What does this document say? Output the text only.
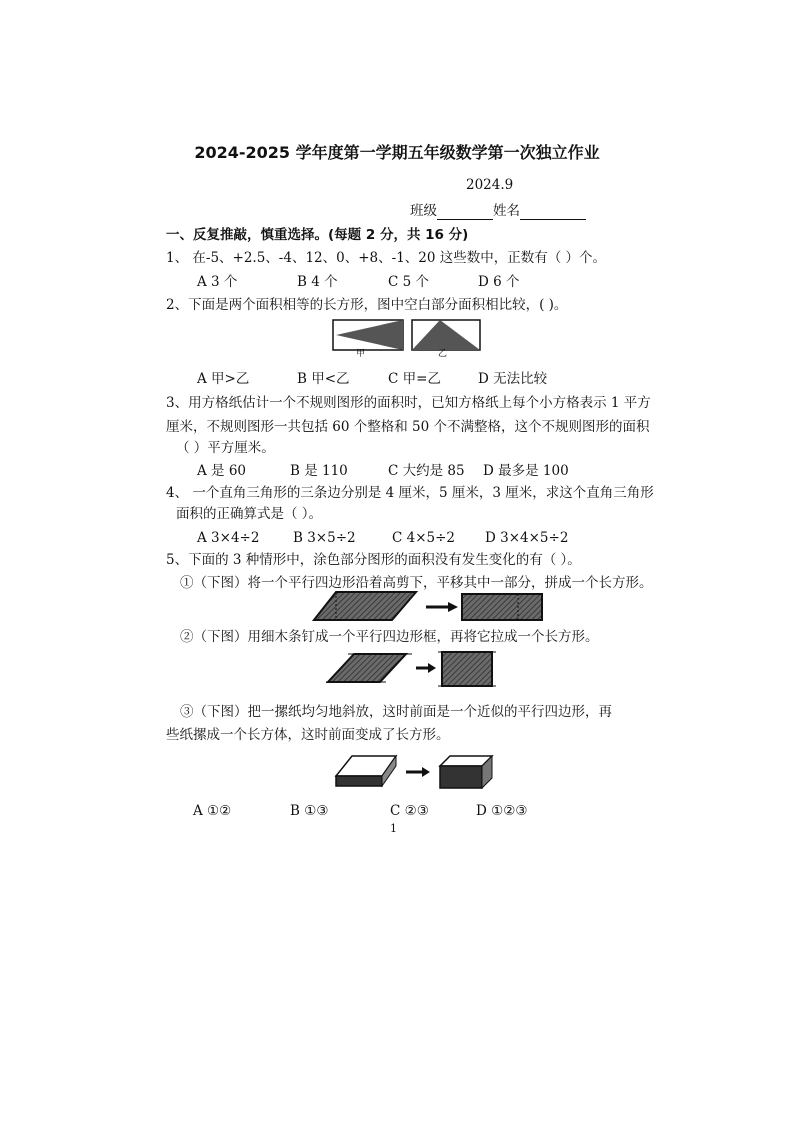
2024-2025 学年度第一学期五年级数学第一次独立作业
2024.9
班级	姓名
一、反复推敲，慎重选择。(每题 2 分，共 16 分)
1、 在-5、+2.5、-4、12、0、+8、-1、20 这些数中，正数有（ ）个。
A 3 个	B 4 个	C 5 个	D 6 个
2、下面是两个面积相等的长方形，图中空白部分面积相比较，( )。
甲	乙
A 甲>乙	B 甲<乙	C 甲=乙	D 无法比较
3、用方格纸估计一个不规则图形的面积时，已知方格纸上每个小方格表示 1 平方
厘米，不规则图形一共包括 60 个整格和 50 个不满整格，这个不规则图形的面积
（ ）平方厘米。
A 是 60	B 是 110	C 大约是 85 D 最多是 100
4、 一个直角三角形的三条边分别是 4 厘米，5 厘米，3 厘米，求这个直角三角形
面积的正确算式是（ ）。
A 3×4÷2 B 3×5÷2	C 4×5÷2 D 3×4×5÷2
5、下面的 3 种情形中，涂色部分图形的面积没有发生变化的有（ ）。
①（下图）将一个平行四边形沿着高剪下，平移其中一部分，拼成一个长方形。
②（下图）用细木条钉成一个平行四边形框，再将它拉成一个长方形。
③（下图）把一摞纸均匀地斜放，这时前面是一个近似的平行四边形，再
些纸摞成一个长方体，这时前面变成了长方形。
A ①②	B ①③	C ②③	D ①②③
1
